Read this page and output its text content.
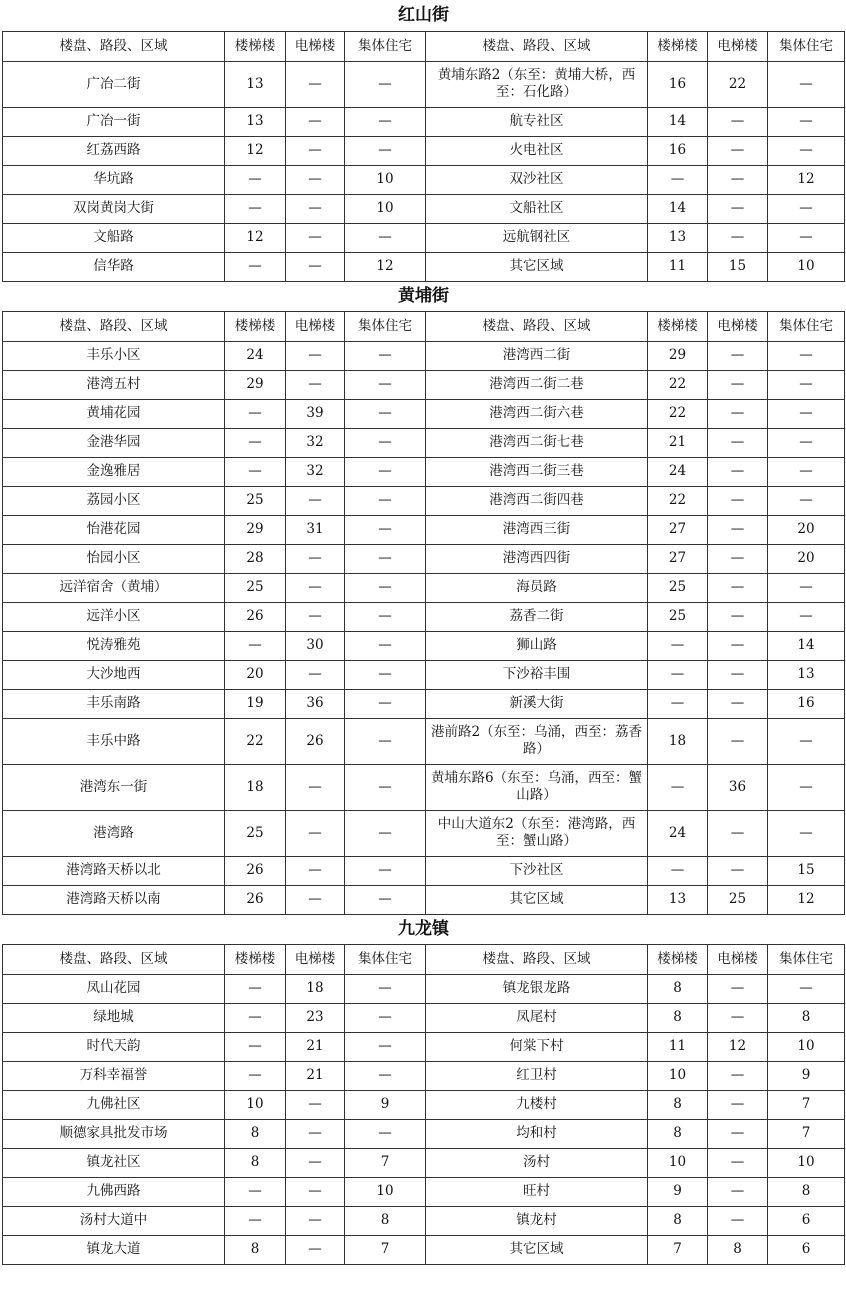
红山街							
楼盘、路段、区域	楼梯楼	电梯楼	集体住宅	楼盘、路段、区域	楼梯楼	电梯楼	集体住宅
广冶二街	13	—	—	黄埔东路2（东至：黄埔大桥，西至：石化路）	16	22	—
广冶一街	13	—	—	航专社区	14	—	—
红荔西路	12	—	—	火电社区	16	—	—
华坑路	—	—	10	双沙社区	—	—	12
双岗黄岗大街	—	—	10	文船社区	14	—	—
文船路	12	—	—	远航钢社区	13	—	—
信华路	—	—	12	其它区域	11	15	10
黄埔街							
楼盘、路段、区域	楼梯楼	电梯楼	集体住宅	楼盘、路段、区域	楼梯楼	电梯楼	集体住宅
丰乐小区	24	—	—	港湾西二街	29	—	—
港湾五村	29	—	—	港湾西二街二巷	22	—	—
黄埔花园	—	39	—	港湾西二街六巷	22	—	—
金港华园	—	32	—	港湾西二街七巷	21	—	—
金逸雅居	—	32	—	港湾西二街三巷	24	—	—
荔园小区	25	—	—	港湾西二街四巷	22	—	—
怡港花园	29	31	—	港湾西三街	27	—	20
怡园小区	28	—	—	港湾西四街	27	—	20
远洋宿舍（黄埔）	25	—	—	海员路	25	—	—
远洋小区	26	—	—	荔香二街	25	—	—
悦涛雅苑	—	30	—	狮山路	—	—	14
大沙地西	20	—	—	下沙裕丰围	—	—	13
丰乐南路	19	36	—	新溪大街	—	—	16
丰乐中路	22	26	—	港前路2（东至：乌涌，西至：荔香路）	18	—	—
港湾东一街	18	—	—	黄埔东路6（东至：乌涌，西至：蟹山路）	—	36	—
港湾路	25	—	—	中山大道东2（东至：港湾路，西至：蟹山路）	24	—	—
港湾路天桥以北	26	—	—	下沙社区	—	—	15
港湾路天桥以南	26	—	—	其它区域	13	25	12
九龙镇							
楼盘、路段、区域	楼梯楼	电梯楼	集体住宅	楼盘、路段、区域	楼梯楼	电梯楼	集体住宅
凤山花园	—	18	—	镇龙银龙路	8	—	—
绿地城	—	23	—	凤尾村	8	—	8
时代天韵	—	21	—	何棠下村	11	12	10
万科幸福誉	—	21	—	红卫村	10	—	9
九佛社区	10	—	9	九楼村	8	—	7
顺德家具批发市场	8	—	—	均和村	8	—	7
镇龙社区	8	—	7	汤村	10	—	10
九佛西路	—	—	10	旺村	9	—	8
汤村大道中	—	—	8	镇龙村	8	—	6
镇龙大道	8	—	7	其它区域	7	8	6
